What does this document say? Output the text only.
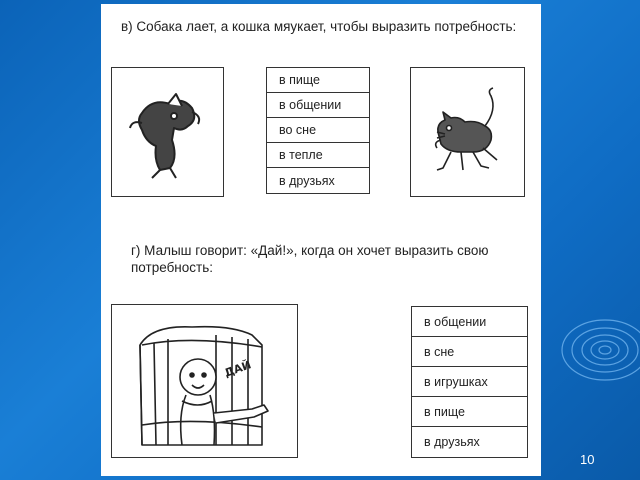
в) Собака лает, а кошка мяукает, чтобы выразить потребность:
в пище
в общении
во сне
в тепле
в друзьях
г) Малыш говорит: «Дай!», когда он хочет выразить свою потребность:
ДАЙ
в общении
в сне
в игрушках
в пище
в друзьях
10
